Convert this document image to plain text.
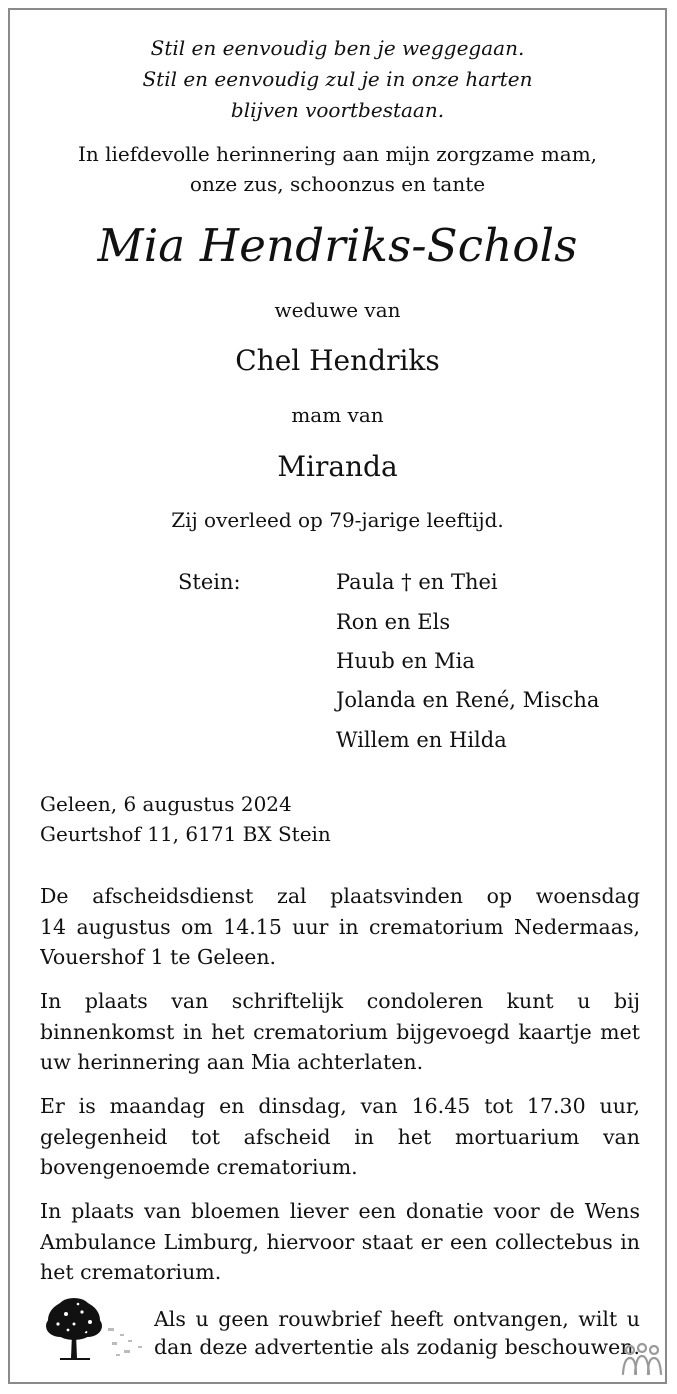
Stil en eenvoudig ben je weggegaan.

Stil en eenvoudig zul je in onze harten

blijven voortbestaan.

In liefdevolle herinnering aan mijn zorgzame mam,

onze zus, schoonzus en tante

Mia Hendriks-Schols

weduwe van

Chel Hendriks

mam van

Miranda

Zij overleed op 79-jarige leeftijd.

Stein:	Paula † en Thei

Ron en Els

Huub en Mia

Jolanda en René, Mischa

Willem en Hilda

Geleen, 6 augustus 2024

Geurtshof 11, 6171 BX Stein

De afscheidsdienst zal plaatsvinden op woensdag
14 augustus om 14.15 uur in crematorium Nedermaas,
Vouershof 1 te Geleen.
In plaats van schriftelijk condoleren kunt u bij
binnenkomst in het crematorium bijgevoegd kaartje met
uw herinnering aan Mia achterlaten.
Er is maandag en dinsdag, van 16.45 tot 17.30 uur,
gelegenheid tot afscheid in het mortuarium van
bovengenoemde crematorium.
In plaats van bloemen liever een donatie voor de Wens
Ambulance Limburg, hiervoor staat er een collectebus in
het crematorium.
Als u geen rouwbrief heeft ontvangen, wilt u
dan deze advertentie als zodanig beschouwen.
